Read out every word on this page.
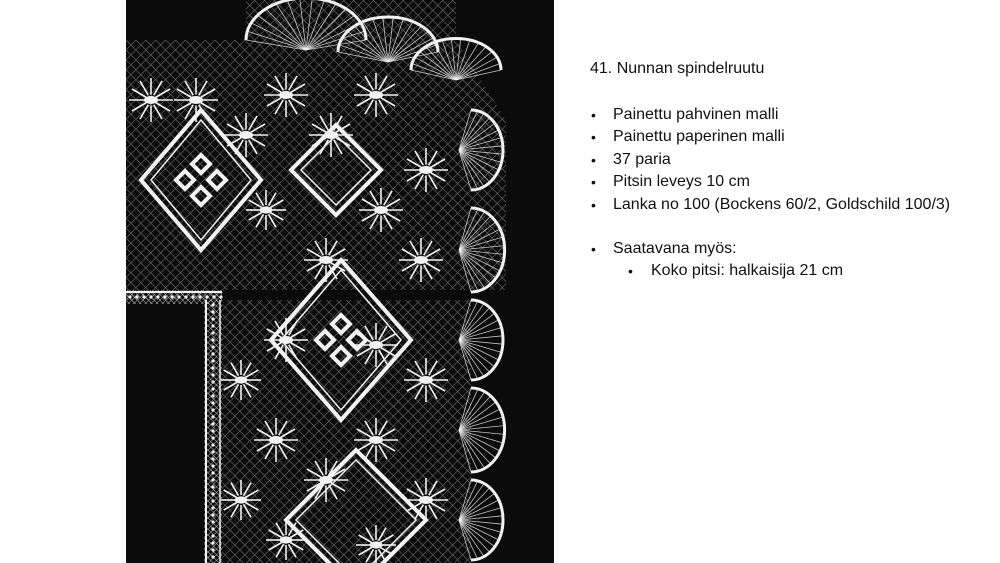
41. Nunnan spindelruutu
• Painettu pahvinen malli
• Painettu paperinen malli
• 37 paria
• Pitsin leveys 10 cm
• Lanka no 100 (Bockens 60/2, Goldschild 100/3)
• Saatavana myös:
• Koko pitsi: halkaisija 21 cm
